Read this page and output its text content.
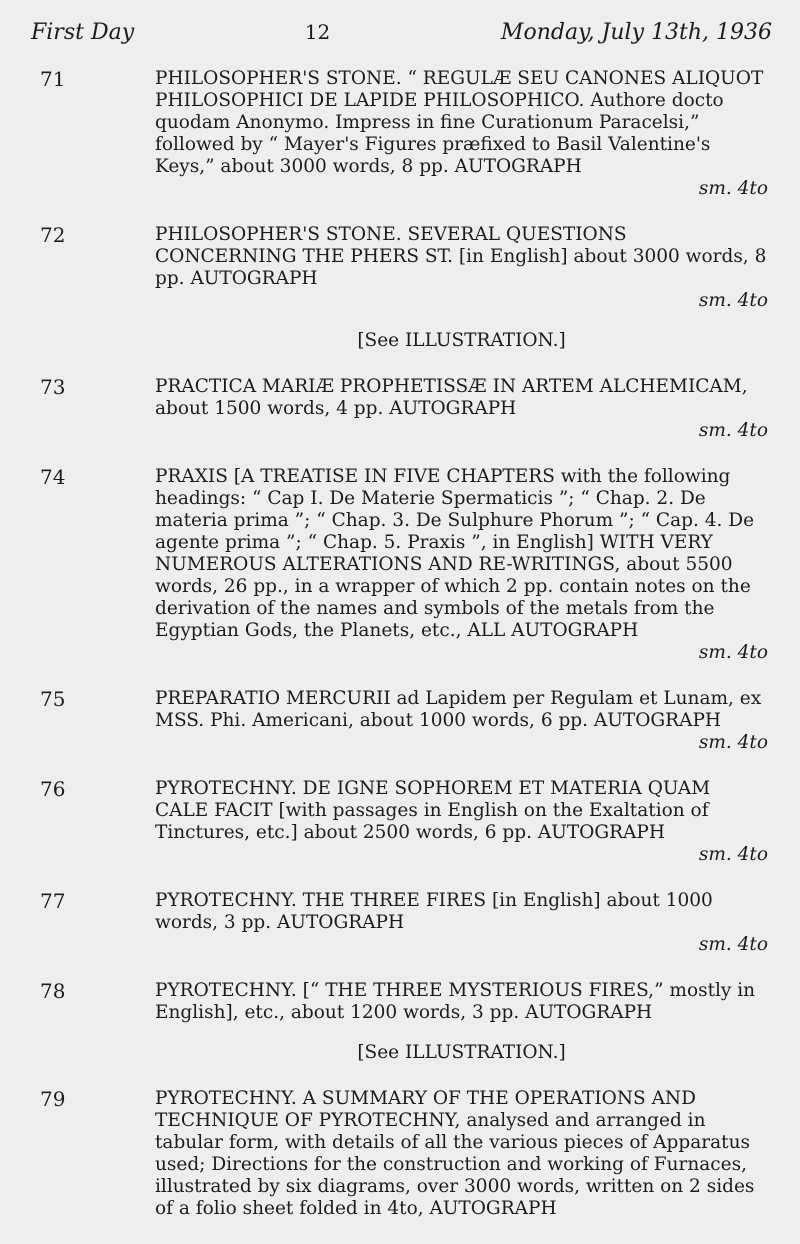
First Day	12	Monday, July 13th, 1936
71	PHILOSOPHER'S STONE. “ REGULÆ SEU CANONES ALIQUOT PHILOSOPHICI DE LAPIDE PHILOSOPHICO. Authore docto quodam Anonymo. Impress in fine Curationum Paracelsi,” followed by “ Mayer's Figures præfixed to Basil Valentine's Keys,” about 3000 words, 8 pp. AUTOGRAPH
sm. 4to
72	PHILOSOPHER'S STONE. SEVERAL QUESTIONS CONCERNING THE PHERS ST. [in English] about 3000 words, 8 pp. AUTOGRAPH
sm. 4to
[See ILLUSTRATION.]
73	PRACTICA MARIÆ PROPHETISSÆ IN ARTEM ALCHEMICAM, about 1500 words, 4 pp. AUTOGRAPH
sm. 4to
74	PRAXIS [A TREATISE IN FIVE CHAPTERS with the following headings: “ Cap I. De Materie Spermaticis ”; “ Chap. 2. De materia prima ”; “ Chap. 3. De Sulphure Phorum ”; “ Cap. 4. De agente prima ”; “ Chap. 5. Praxis ”, in English] WITH VERY NUMEROUS ALTERATIONS AND RE-WRITINGS, about 5500 words, 26 pp., in a wrapper of which 2 pp. contain notes on the derivation of the names and symbols of the metals from the Egyptian Gods, the Planets, etc., ALL AUTOGRAPH
sm. 4to
75	PREPARATIO MERCURII ad Lapidem per Regulam et Lunam, ex MSS. Phi. Americani, about 1000 words, 6 pp. AUTOGRAPH
sm. 4to
76	PYROTECHNY. DE IGNE SOPHOREM ET MATERIA QUAM CALE FACIT [with passages in English on the Exaltation of Tinctures, etc.] about 2500 words, 6 pp. AUTOGRAPH
sm. 4to
77	PYROTECHNY. THE THREE FIRES [in English] about 1000 words, 3 pp. AUTOGRAPH
sm. 4to
78	PYROTECHNY. [“ THE THREE MYSTERIOUS FIRES,” mostly in English], etc., about 1200 words, 3 pp. AUTOGRAPH
[See ILLUSTRATION.]
79	PYROTECHNY. A SUMMARY OF THE OPERATIONS AND TECHNIQUE OF PYROTECHNY, analysed and arranged in tabular form, with details of all the various pieces of Apparatus used; Directions for the construction and working of Furnaces, illustrated by six diagrams, over 3000 words, written on 2 sides of a folio sheet folded in 4to, AUTOGRAPH
